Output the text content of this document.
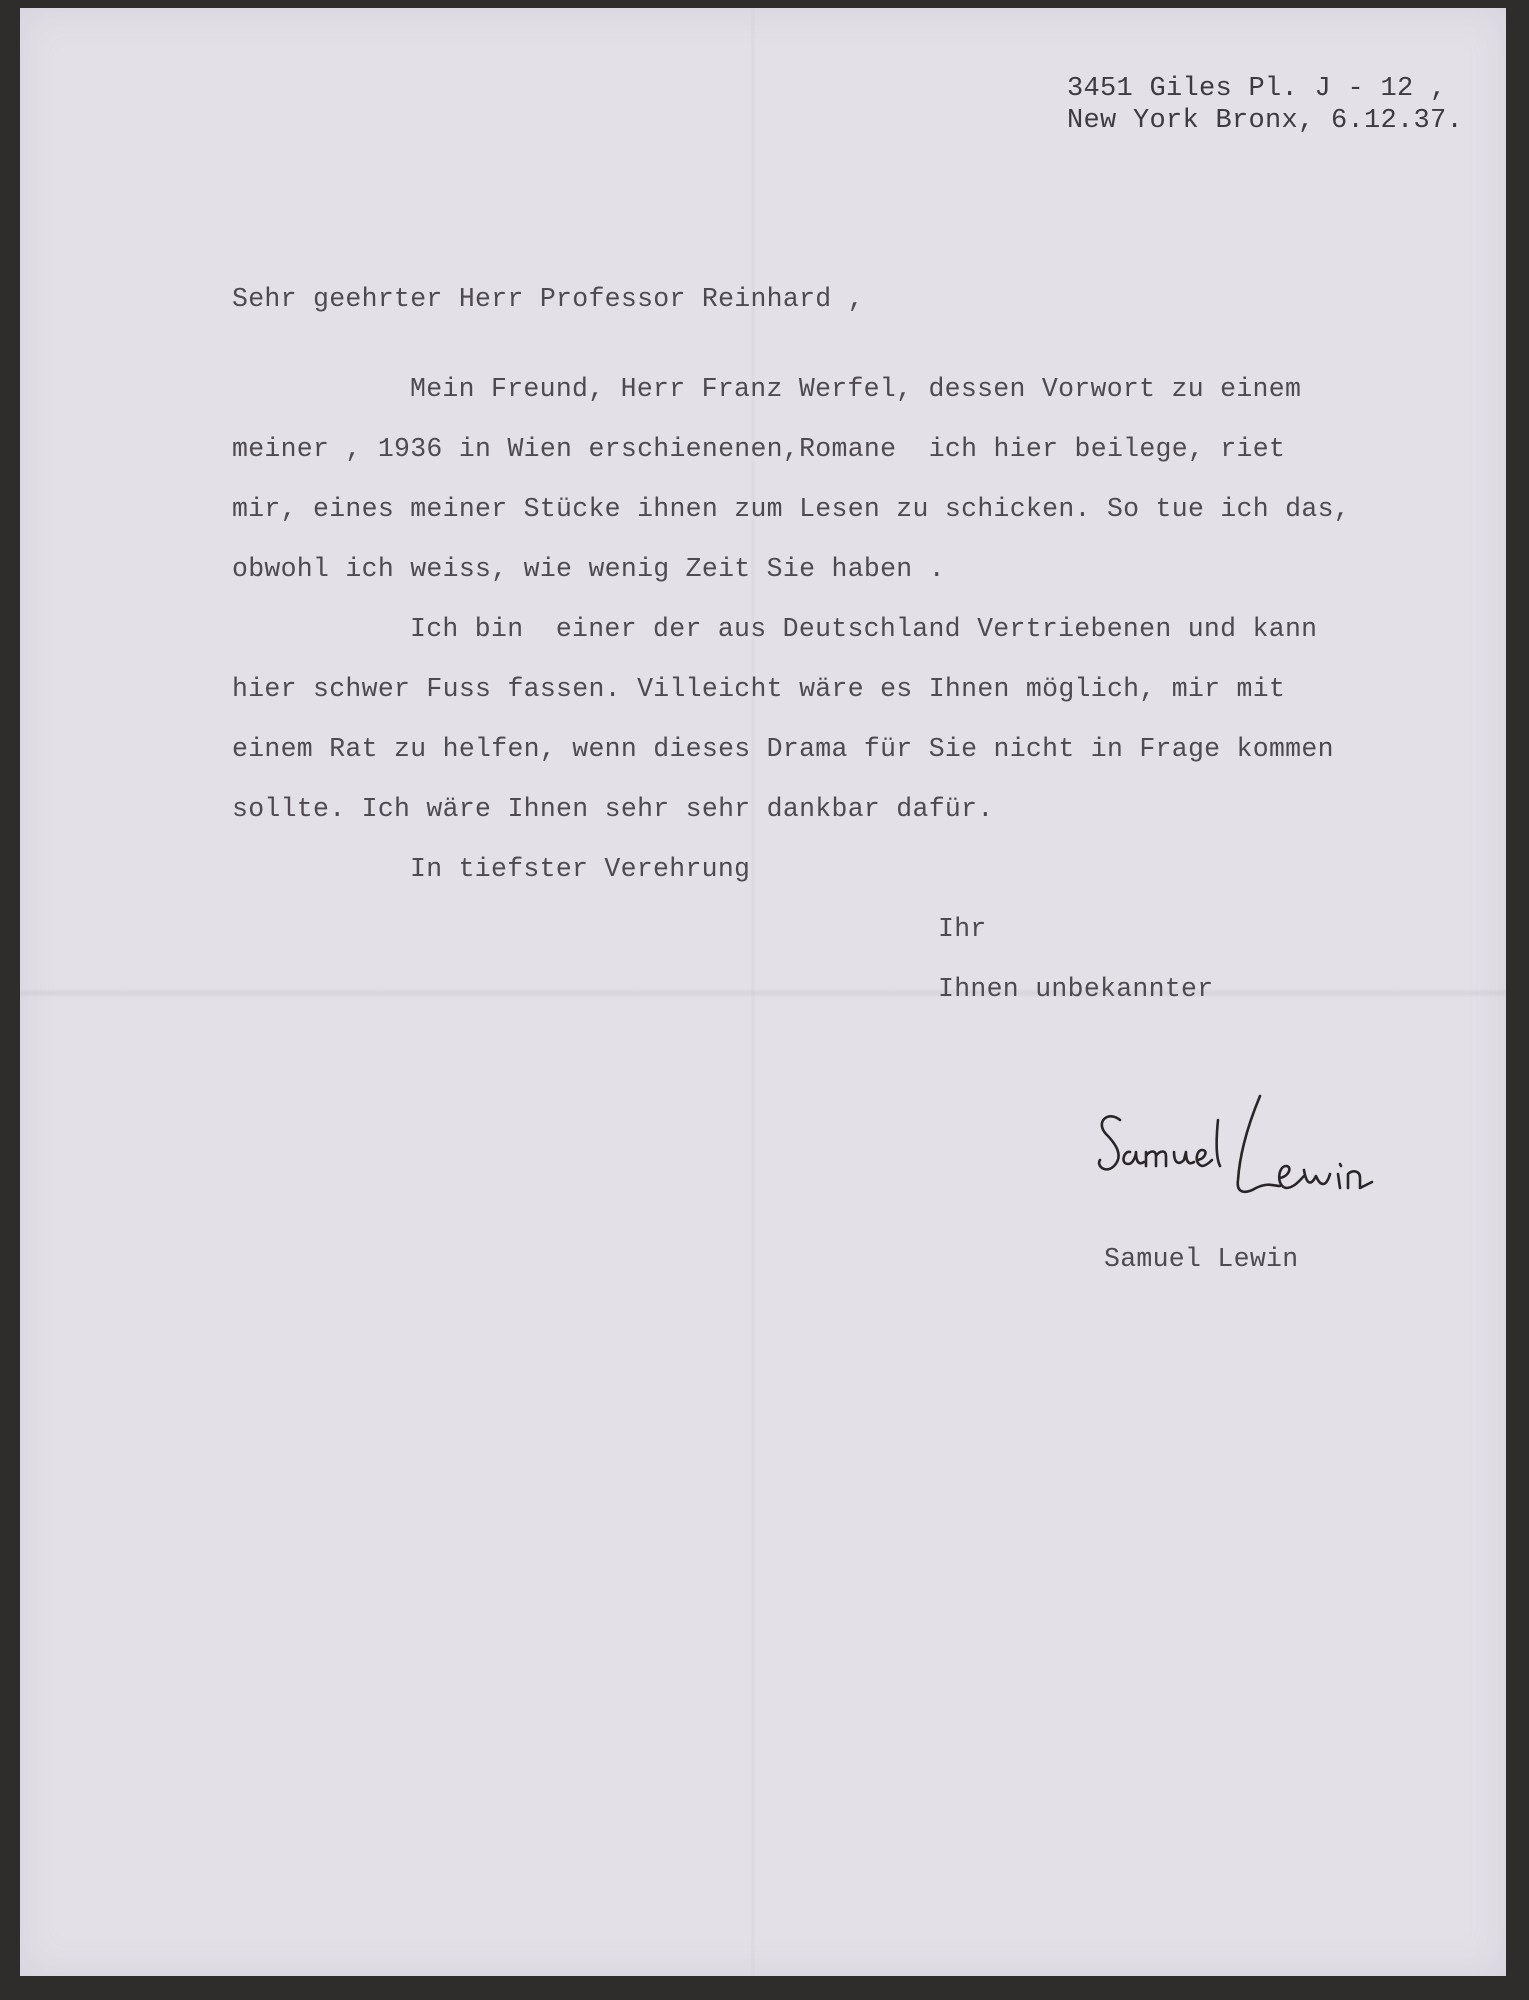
3451 Giles Pl. J - 12 ,
New York Bronx, 6.12.37.
Sehr geehrter Herr Professor Reinhard ,
Mein Freund, Herr Franz Werfel, dessen Vorwort zu einem
meiner , 1936 in Wien erschienenen,Romane  ich hier beilege, riet
mir, eines meiner Stücke ihnen zum Lesen zu schicken. So tue ich das,
obwohl ich weiss, wie wenig Zeit Sie haben .
Ich bin  einer der aus Deutschland Vertriebenen und kann
hier schwer Fuss fassen. Villeicht wäre es Ihnen möglich, mir mit
einem Rat zu helfen, wenn dieses Drama für Sie nicht in Frage kommen
sollte. Ich wäre Ihnen sehr sehr dankbar dafür.
In tiefster Verehrung
Ihr
Ihnen unbekannter
Samuel Lewin
